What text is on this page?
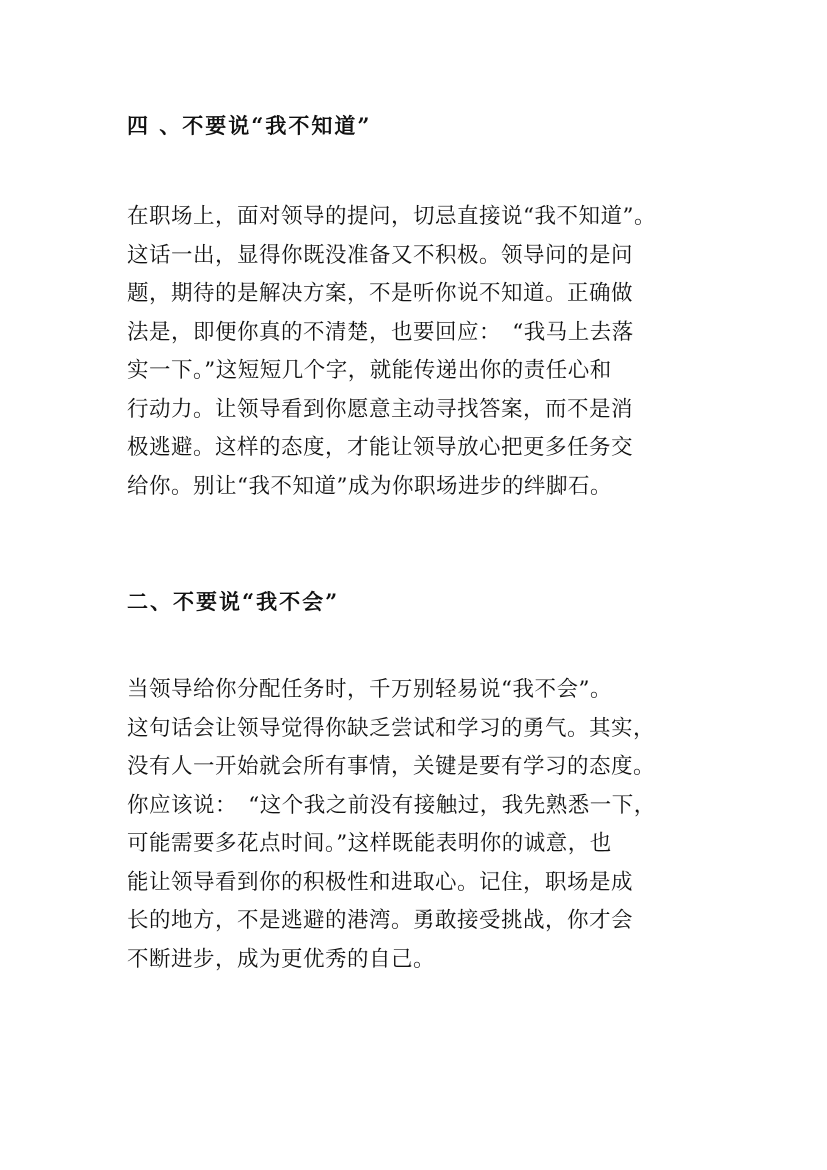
四 、不要说“我不知道”
在职场上，面对领导的提问，切忌直接说“我不知道”。
这话一出，显得你既没准备又不积极。领导问的是问
题，期待的是解决方案，不是听你说不知道。正确做
法是，即便你真的不清楚，也要回应：　“我马上去落
实一下。”这短短几个字，就能传递出你的责任心和
行动力。让领导看到你愿意主动寻找答案，而不是消
极逃避。这样的态度，才能让领导放心把更多任务交
给你。别让“我不知道”成为你职场进步的绊脚石。
二、不要说“我不会”
当领导给你分配任务时，千万别轻易说“我不会”。
这句话会让领导觉得你缺乏尝试和学习的勇气。其实，
没有人一开始就会所有事情，关键是要有学习的态度。
你应该说：　“这个我之前没有接触过，我先熟悉一下，
可能需要多花点时间。”这样既能表明你的诚意，也
能让领导看到你的积极性和进取心。记住，职场是成
长的地方，不是逃避的港湾。勇敢接受挑战，你才会
不断进步，成为更优秀的自己。
